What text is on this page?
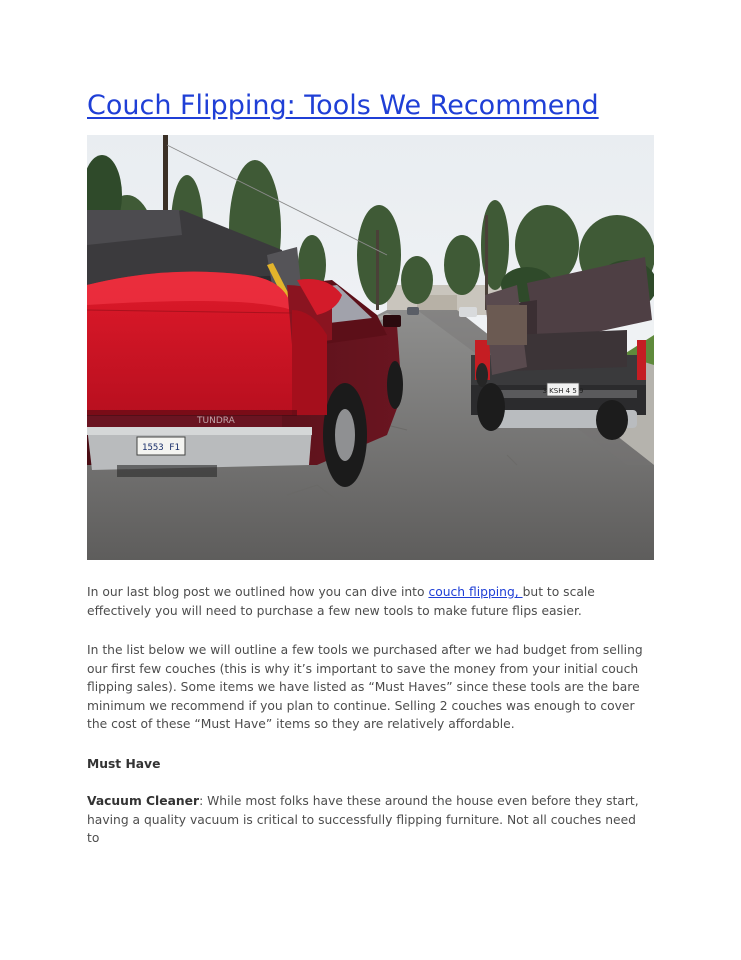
Couch Flipping: Tools We Recommend
3 KSH 4 5 9
TUNDRA
1553 F1

In our last blog post we outlined how you can dive into couch flipping, but to scale effectively you will need to purchase a few new tools to make future flips easier.

In the list below we will outline a few tools we purchased after we had budget from selling our first few couches (this is why it’s important to save the money from your initial couch flipping sales). Some items we have listed as “Must Haves” since these tools are the bare minimum we recommend if you plan to continue. Selling 2 couches was enough to cover the cost of these “Must Have” items so they are relatively affordable.

Must Have

Vacuum Cleaner: While most folks have these around the house even before they start, having a quality vacuum is critical to successfully flipping furniture. Not all couches need to
